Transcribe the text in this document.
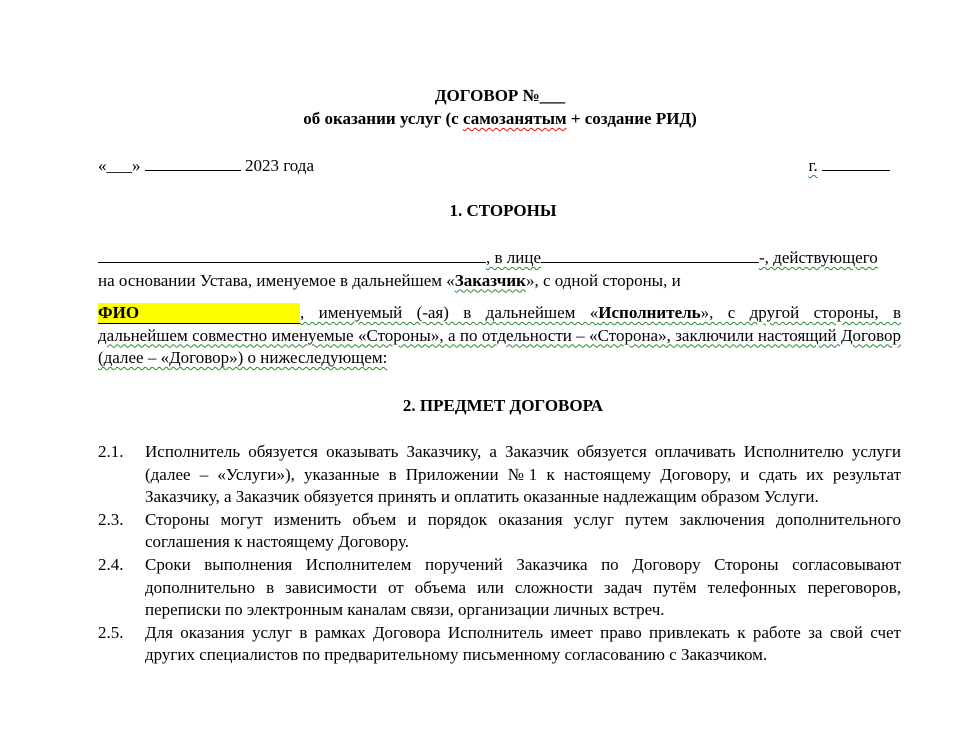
ДОГОВОР №___
об оказании услуг (с самозанятым + создание РИД)
«___»	2023 года	г.
1. СТОРОНЫ
, в лице	-, действующего
на основании Устава, именуемое в дальнейшем «Заказчик», с одной стороны, и
ФИО	, именуемый (-ая) в дальнейшем «Исполнитель», с другой стороны, в дальнейшем совместно именуемые «Стороны», а по отдельности – «Сторона», заключили настоящий Договор (далее – «Договор») о нижеследующем:
2. ПРЕДМЕТ ДОГОВОРА
2.1. Исполнитель обязуется оказывать Заказчику, а Заказчик обязуется оплачивать Исполнителю услуги (далее – «Услуги»), указанные в Приложении №1 к настоящему Договору, и сдать их результат Заказчику, а Заказчик обязуется принять и оплатить оказанные надлежащим образом Услуги.
2.3. Стороны могут изменить объем и порядок оказания услуг путем заключения дополнительного соглашения к настоящему Договору.
2.4. Сроки выполнения Исполнителем поручений Заказчика по Договору Стороны согласовывают дополнительно в зависимости от объема или сложности задач путём телефонных переговоров, переписки по электронным каналам связи, организации личных встреч.
2.5. Для оказания услуг в рамках Договора Исполнитель имеет право привлекать к работе за свой счет других специалистов по предварительному письменному согласованию с Заказчиком.
